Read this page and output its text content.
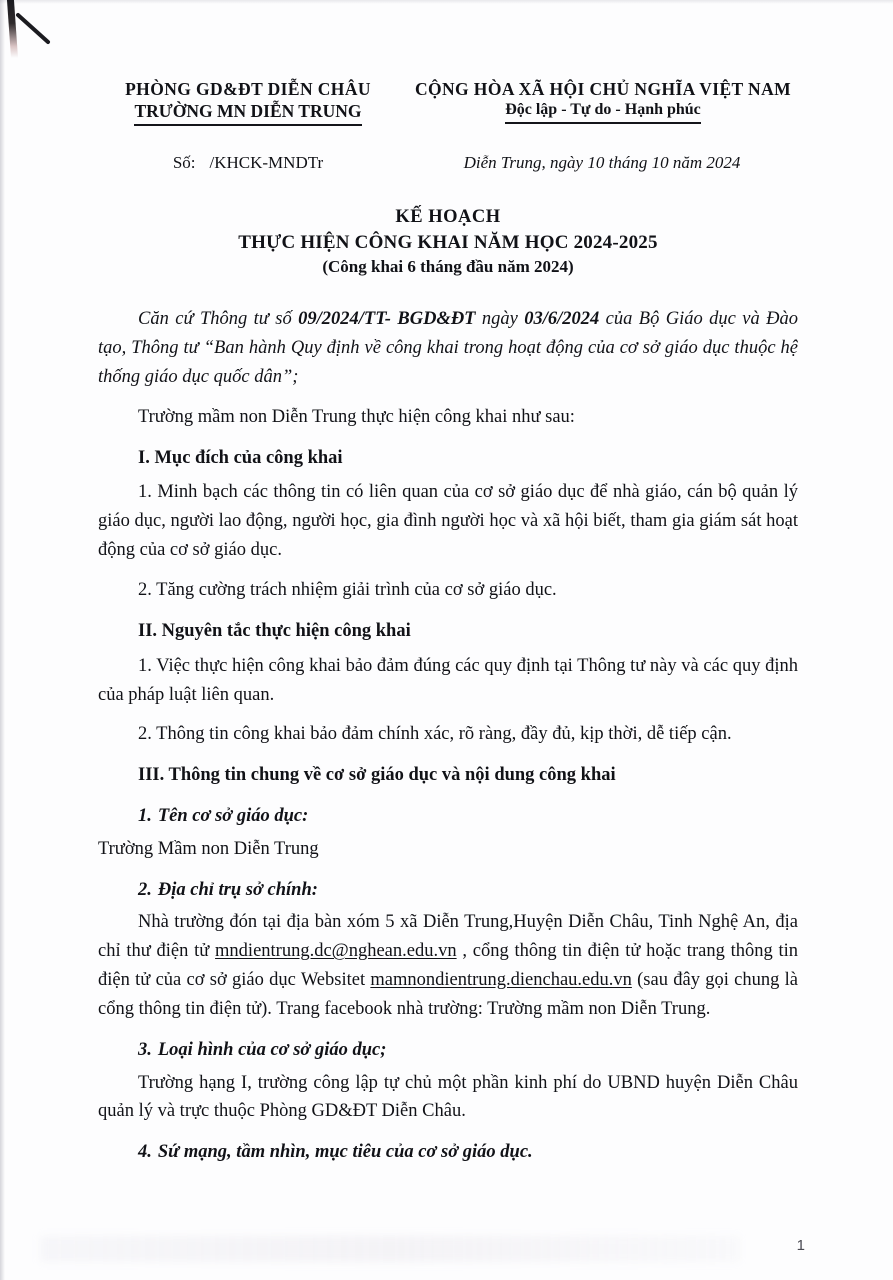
PHÒNG GD&ĐT DIỄN CHÂU
TRƯỜNG MN DIỄN TRUNG
CỘNG HÒA XÃ HỘI CHỦ NGHĨA VIỆT NAM
Độc lập - Tự do - Hạnh phúc
Số: /KHCK-MNDTr	Diễn Trung, ngày 10 tháng 10 năm 2024
KẾ HOẠCH
THỰC HIỆN CÔNG KHAI NĂM HỌC 2024-2025
(Công khai 6 tháng đầu năm 2024)

Căn cứ Thông tư số 09/2024/TT- BGD&ĐT ngày 03/6/2024 của Bộ Giáo dục và Đào tạo, Thông tư “Ban hành Quy định về công khai trong hoạt động của cơ sở giáo dục thuộc hệ thống giáo dục quốc dân”;

Trường mầm non Diễn Trung thực hiện công khai như sau:

I. Mục đích của công khai

1. Minh bạch các thông tin có liên quan của cơ sở giáo dục để nhà giáo, cán bộ quản lý giáo dục, người lao động, người học, gia đình người học và xã hội biết, tham gia giám sát hoạt động của cơ sở giáo dục.

2. Tăng cường trách nhiệm giải trình của cơ sở giáo dục.

II. Nguyên tắc thực hiện công khai

1. Việc thực hiện công khai bảo đảm đúng các quy định tại Thông tư này và các quy định của pháp luật liên quan.

2. Thông tin công khai bảo đảm chính xác, rõ ràng, đầy đủ, kịp thời, dễ tiếp cận.

III. Thông tin chung về cơ sở giáo dục và nội dung công khai
1. Tên cơ sở giáo dục:

Trường Mầm non Diễn Trung

2. Địa chỉ trụ sở chính:

Nhà trường đón tại địa bàn xóm 5 xã Diễn Trung,Huyện Diễn Châu, Tinh Nghệ An, địa chỉ thư điện tử mndientrung.dc@nghean.edu.vn , cổng thông tin điện tử hoặc trang thông tin điện tử của cơ sở giáo dục Websitet mamnondientrung.dienchau.edu.vn (sau đây gọi chung là cổng thông tin điện tử). Trang facebook nhà trường: Trường mầm non Diễn Trung.

3. Loại hình của cơ sở giáo dục;

Trường hạng I, trường công lập tự chủ một phần kinh phí do UBND huyện Diễn Châu quản lý và trực thuộc Phòng GD&ĐT Diễn Châu.

4. Sứ mạng, tầm nhìn, mục tiêu của cơ sở giáo dục.
1
